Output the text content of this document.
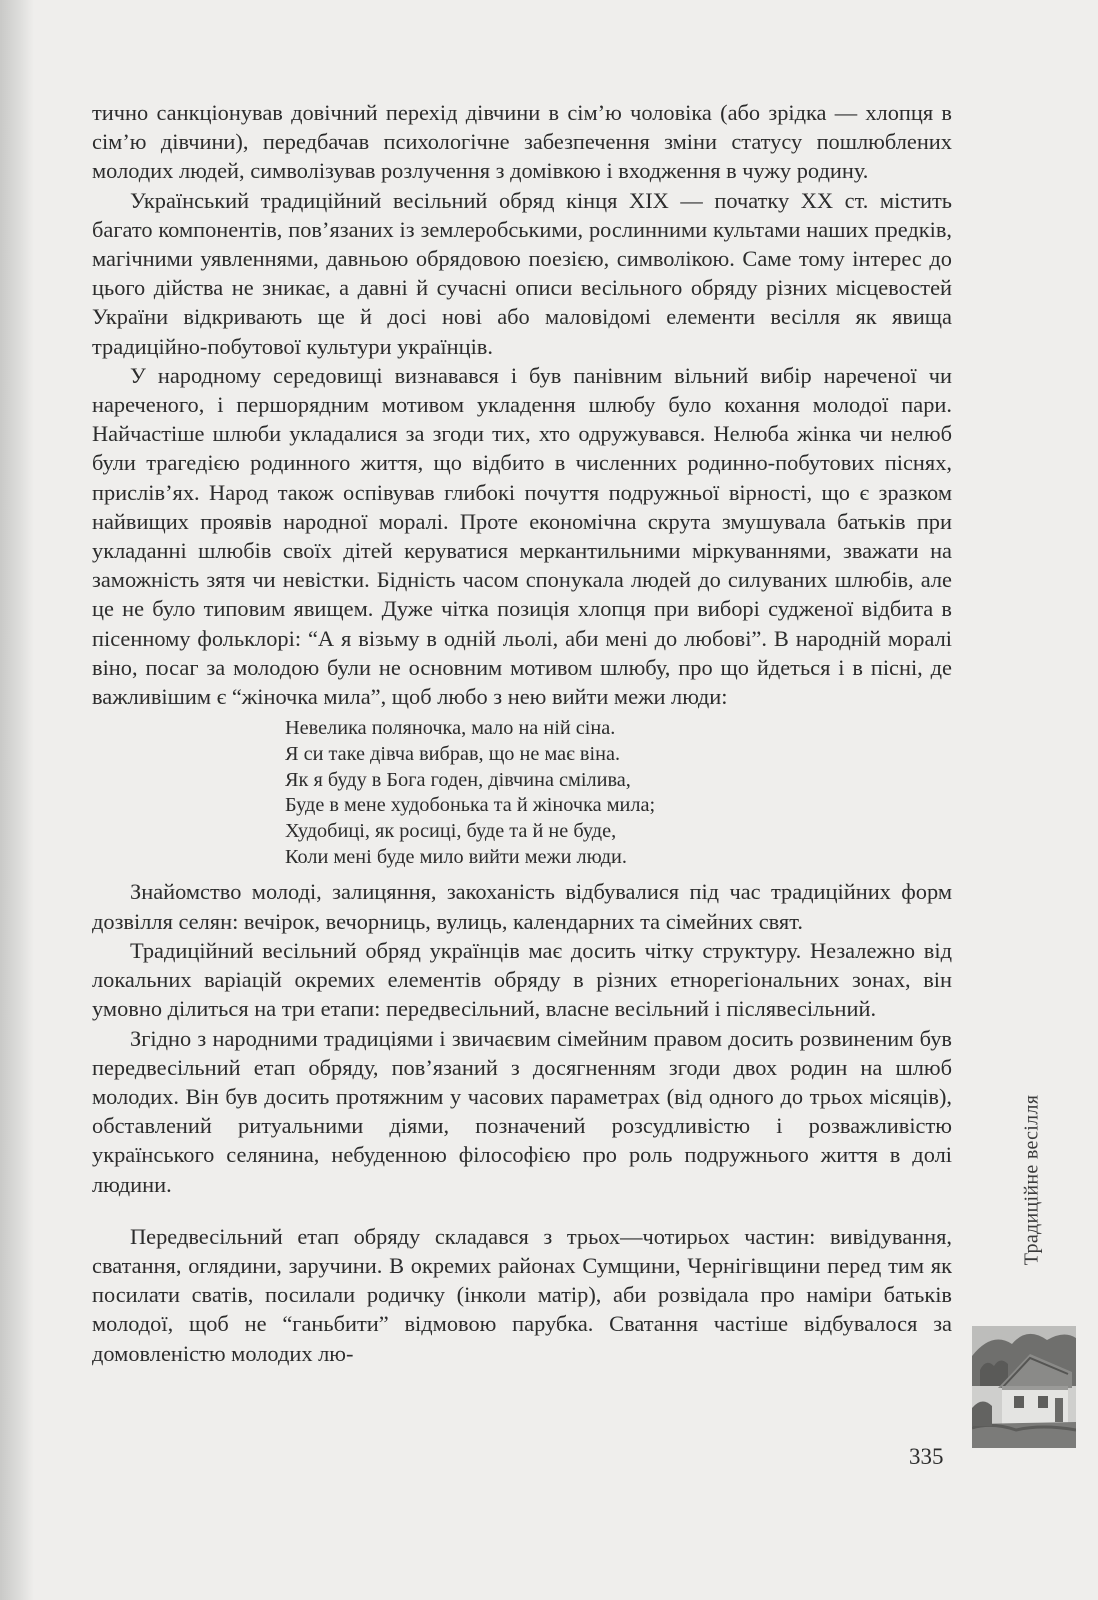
тично санкціонував довічний перехід дівчини в сім’ю чоловіка (або зрідка — хлопця в сім’ю дівчини), передбачав психологічне забезпечення зміни статусу пошлюблених молодих людей, символізував розлучення з домівкою і входження в чужу родину.

Український традиційний весільний обряд кінця XIX — початку XX ст. містить багато компонентів, пов’язаних із землеробськими, рослинними культами наших предків, магічними уявленнями, давньою обрядовою поезією, символікою. Саме тому інтерес до цього дійства не зникає, а давні й сучасні описи весільного обряду різних місцевостей України відкривають ще й досі нові або маловідомі елементи весілля як явища традиційно-побутової культури українців.

У народному середовищі визнавався і був панівним вільний вибір нареченої чи нареченого, і першорядним мотивом укладення шлюбу було кохання молодої пари. Найчастіше шлюби укладалися за згоди тих, хто одружувався. Нелюба жінка чи нелюб були трагедією родинного життя, що відбито в численних родинно-побутових піснях, прислів’ях. Народ також оспівував глибокі почуття подружньої вірності, що є зразком найвищих проявів народної моралі. Проте економічна скрута змушувала батьків при укладанні шлюбів своїх дітей керуватися меркантильними міркуваннями, зважати на заможність зятя чи невістки. Бідність часом спонукала людей до силуваних шлюбів, але це не було типовим явищем. Дуже чітка позиція хлопця при виборі судженої відбита в пісенному фольклорі: “А я візьму в одній льолі, аби мені до любові”. В народній моралі віно, посаг за молодою були не основним мотивом шлюбу, про що йдеться і в пісні, де важливішим є “жіночка мила”, щоб любо з нею вийти межи люди:

Невелика поляночка, мало на ній сіна.
Я си таке дівча вибрав, що не має віна.
Як я буду в Бога годен, дівчина смілива,
Буде в мене худобонька та й жіночка мила;
Худобиці, як росиці, буде та й не буде,
Коли мені буде мило вийти межи люди.

Знайомство молоді, залицяння, закоханість відбувалися під час традиційних форм дозвілля селян: вечірок, вечорниць, вулиць, календарних та сімейних свят.

Традиційний весільний обряд українців має досить чітку структуру. Незалежно від локальних варіацій окремих елементів обряду в різних етнорегіональних зонах, він умовно ділиться на три етапи: передвесільний, власне весільний і післявесільний.

Згідно з народними традиціями і звичаєвим сімейним правом досить розвиненим був передвесільний етап обряду, пов’язаний з досягненням згоди двох родин на шлюб молодих. Він був досить протяжним у часових параметрах (від одного до трьох місяців), обставлений ритуальними діями, позначений розсудливістю і розважливістю українського селянина, небуденною філософією про роль подружнього життя в долі людини.

Передвесільний етап обряду складався з трьох—чотирьох частин: вивідування, сватання, оглядини, заручини. В окремих районах Сумщини, Чернігівщини перед тим як посилати сватів, посилали родичку (інколи матір), аби розвідала про наміри батьків молодої, щоб не “ганьбити” відмовою парубка. Сватання частіше відбувалося за домовленістю молодих лю-

Традиційне весілля
335
